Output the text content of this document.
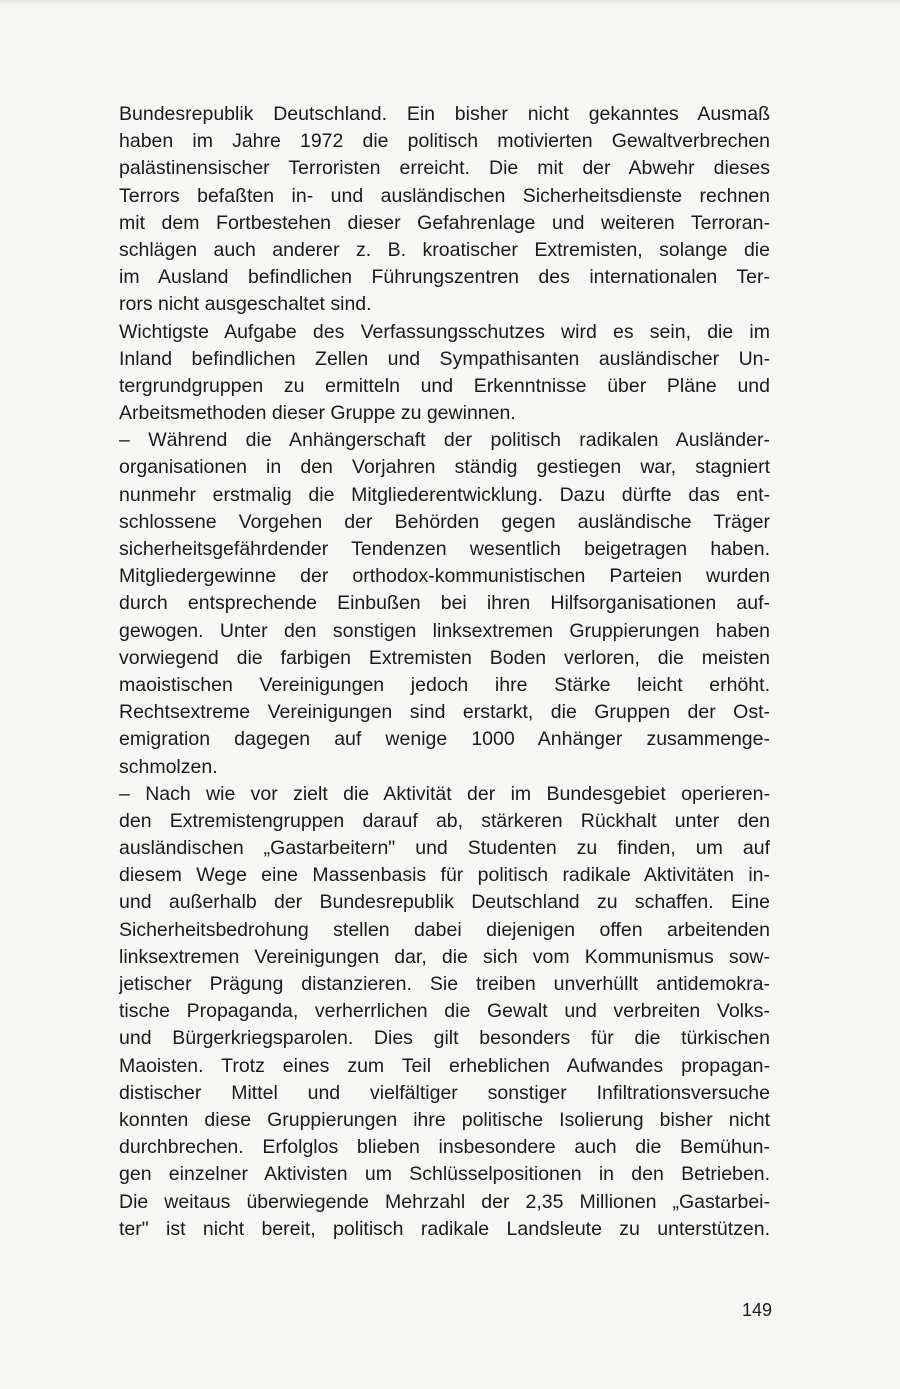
Bundesrepublik Deutschland. Ein bisher nicht gekanntes Ausmaß
haben im Jahre 1972 die politisch motivierten Gewaltverbrechen
palästinensischer Terroristen erreicht. Die mit der Abwehr dieses
Terrors befaßten in- und ausländischen Sicherheitsdienste rechnen
mit dem Fortbestehen dieser Gefahrenlage und weiteren Terroran-
schlägen auch anderer z. B. kroatischer Extremisten, solange die
im Ausland befindlichen Führungszentren des internationalen Ter-
rors nicht ausgeschaltet sind.
Wichtigste Aufgabe des Verfassungsschutzes wird es sein, die im
Inland befindlichen Zellen und Sympathisanten ausländischer Un-
tergrundgruppen zu ermitteln und Erkenntnisse über Pläne und
Arbeitsmethoden dieser Gruppe zu gewinnen.
– Während die Anhängerschaft der politisch radikalen Ausländer-
organisationen in den Vorjahren ständig gestiegen war, stagniert
nunmehr erstmalig die Mitgliederentwicklung. Dazu dürfte das ent-
schlossene Vorgehen der Behörden gegen ausländische Träger
sicherheitsgefährdender Tendenzen wesentlich beigetragen haben.
Mitgliedergewinne der orthodox-kommunistischen Parteien wurden
durch entsprechende Einbußen bei ihren Hilfsorganisationen auf-
gewogen. Unter den sonstigen linksextremen Gruppierungen haben
vorwiegend die farbigen Extremisten Boden verloren, die meisten
maoistischen Vereinigungen jedoch ihre Stärke leicht erhöht.
Rechtsextreme Vereinigungen sind erstarkt, die Gruppen der Ost-
emigration dagegen auf wenige 1000 Anhänger zusammenge-
schmolzen.
– Nach wie vor zielt die Aktivität der im Bundesgebiet operieren-
den Extremistengruppen darauf ab, stärkeren Rückhalt unter den
ausländischen „Gastarbeitern" und Studenten zu finden, um auf
diesem Wege eine Massenbasis für politisch radikale Aktivitäten in-
und außerhalb der Bundesrepublik Deutschland zu schaffen. Eine
Sicherheitsbedrohung stellen dabei diejenigen offen arbeitenden
linksextremen Vereinigungen dar, die sich vom Kommunismus sow-
jetischer Prägung distanzieren. Sie treiben unverhüllt antidemokra-
tische Propaganda, verherrlichen die Gewalt und verbreiten Volks-
und Bürgerkriegsparolen. Dies gilt besonders für die türkischen
Maoisten. Trotz eines zum Teil erheblichen Aufwandes propagan-
distischer Mittel und vielfältiger sonstiger Infiltrationsversuche
konnten diese Gruppierungen ihre politische Isolierung bisher nicht
durchbrechen. Erfolglos blieben insbesondere auch die Bemühun-
gen einzelner Aktivisten um Schlüsselpositionen in den Betrieben.
Die weitaus überwiegende Mehrzahl der 2,35 Millionen „Gastarbei-
ter" ist nicht bereit, politisch radikale Landsleute zu unterstützen.
149
